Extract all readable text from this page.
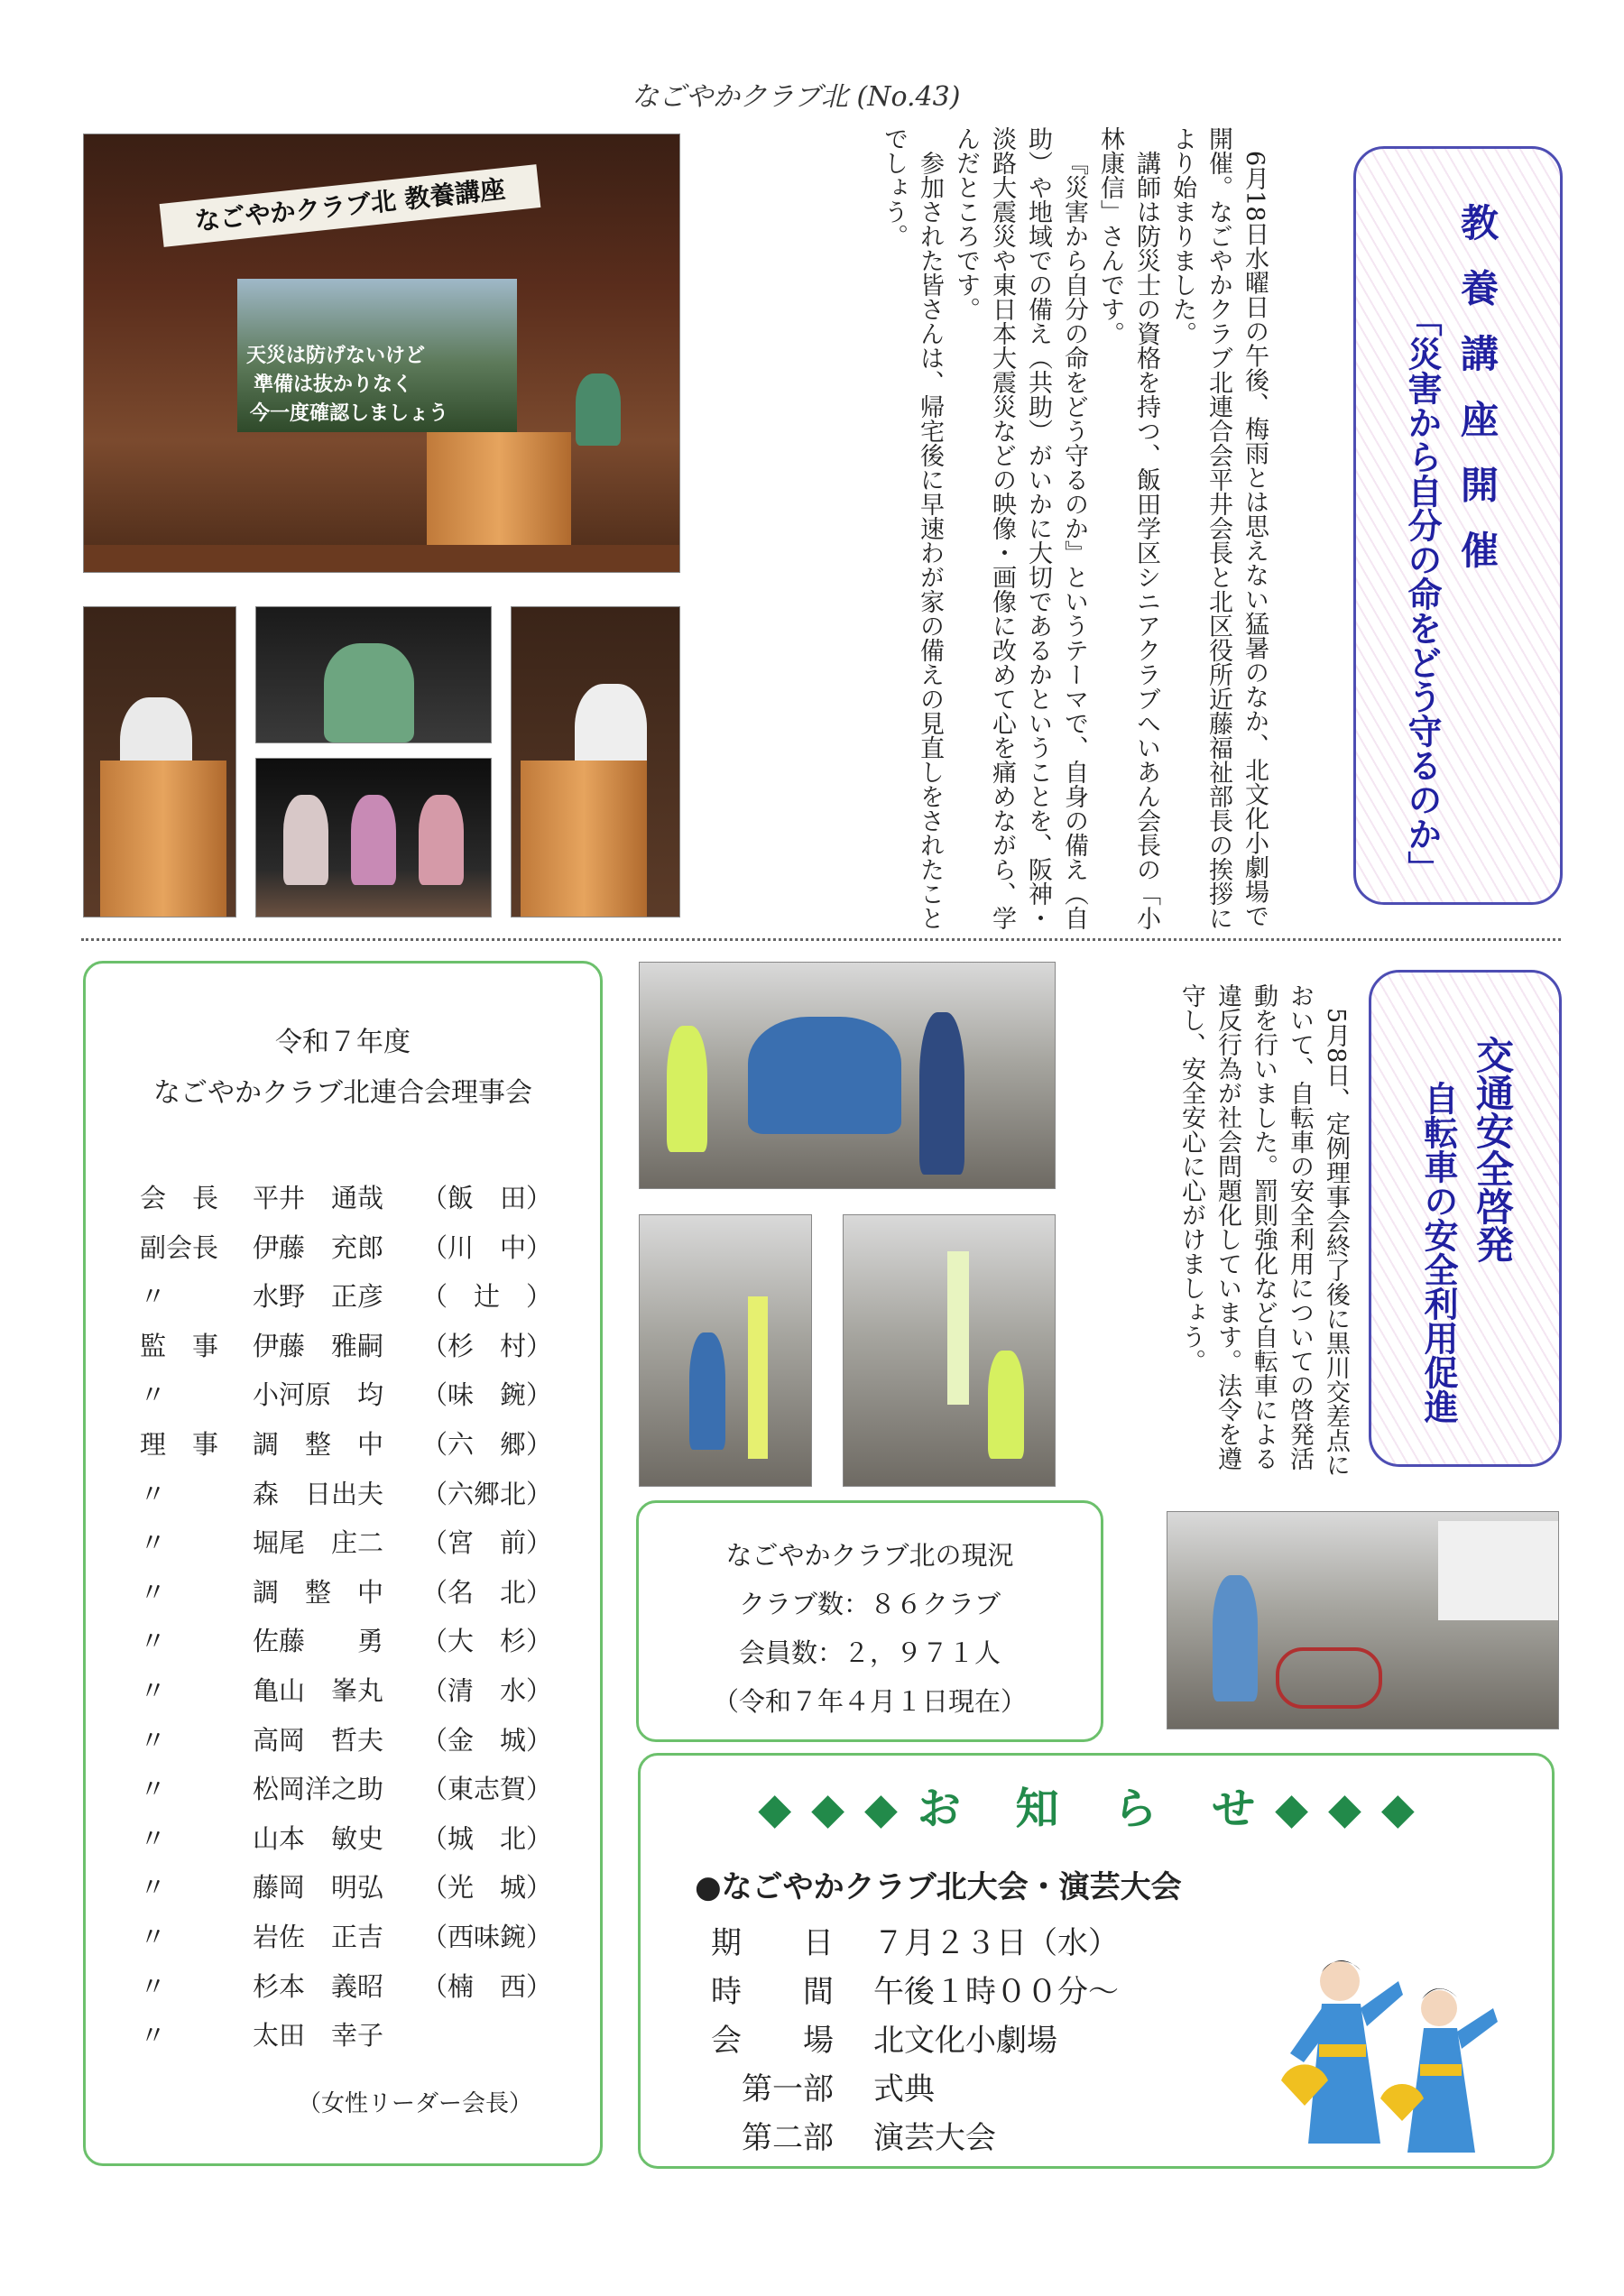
なごやかクラブ北 (No.43)
なごやかクラブ北 教養講座
天災は防げないけど
準備は抜かりなく
今一度確認しましょう	6月18日水曜日の午後、梅雨とは思えない猛暑のなか、北文化小劇場で開催。なごやかクラブ北連合会平井会長と北区役所近藤福祉部長の挨拶により始まりました。

講師は防災士の資格を持つ、飯田学区シニアクラブへいあん会長の「小林康信」さんです。

『災害から自分の命をどう守るのか』というテーマで、自身の備え（自助）や地域での備え（共助）がいかに大切であるかということを、阪神・淡路大震災や東日本大震災などの映像・画像に改めて心を痛めながら、学んだところです。

参加された皆さんは、帰宅後に早速わが家の備えの見直しをされたことでしょう。

教 養 講 座 開 催
「災害から自分の命をどう守るのか」

5月8日、定例理事会終了後に黒川交差点において、自転車の安全利用についての啓発活動を行いました。罰則強化など自転車による違反行為が社会問題化しています。法令を遵守し、安全安心に心がけましょう。	交通安全啓発
自転車の安全利用促進
令和７年度
なごやかクラブ北連合会理事会
会　長	平井　通哉 （飯　田）
副会長	伊藤　充郎 （川　中）
〃	水野　正彦 （　辻　）
監　事	伊藤　雅嗣 （杉　村）
〃	小河原　均 （味　鋺）
理　事	調　整　中 （六　郷）
〃	森　日出夫 （六郷北）
〃	堀尾　庄二 （宮　前）
〃	調　整　中 （名　北）
〃	佐藤　　勇 （大　杉）
〃	亀山　峯丸 （清　水）
〃	高岡　哲夫 （金　城）
〃	松岡洋之助 （東志賀）
〃	山本　敏史 （城　北）
〃	藤岡　明弘 （光　城）
〃	岩佐　正吉 （西味鋺）
〃	杉本　義昭 （楠　西）
〃	太田　幸子
（女性リーダー会長）
なごやかクラブ北の現況
クラブ数：８６クラブ
会員数：２，９７１人
（令和７年４月１日現在）
◆◆◆お 知 ら せ◆◆◆
●なごやかクラブ北大会・演芸大会
期　　日 ７月２３日（水）
時　　間 午後１時００分～
会　　場 北文化小劇場
第一部 式典
第二部 演芸大会
